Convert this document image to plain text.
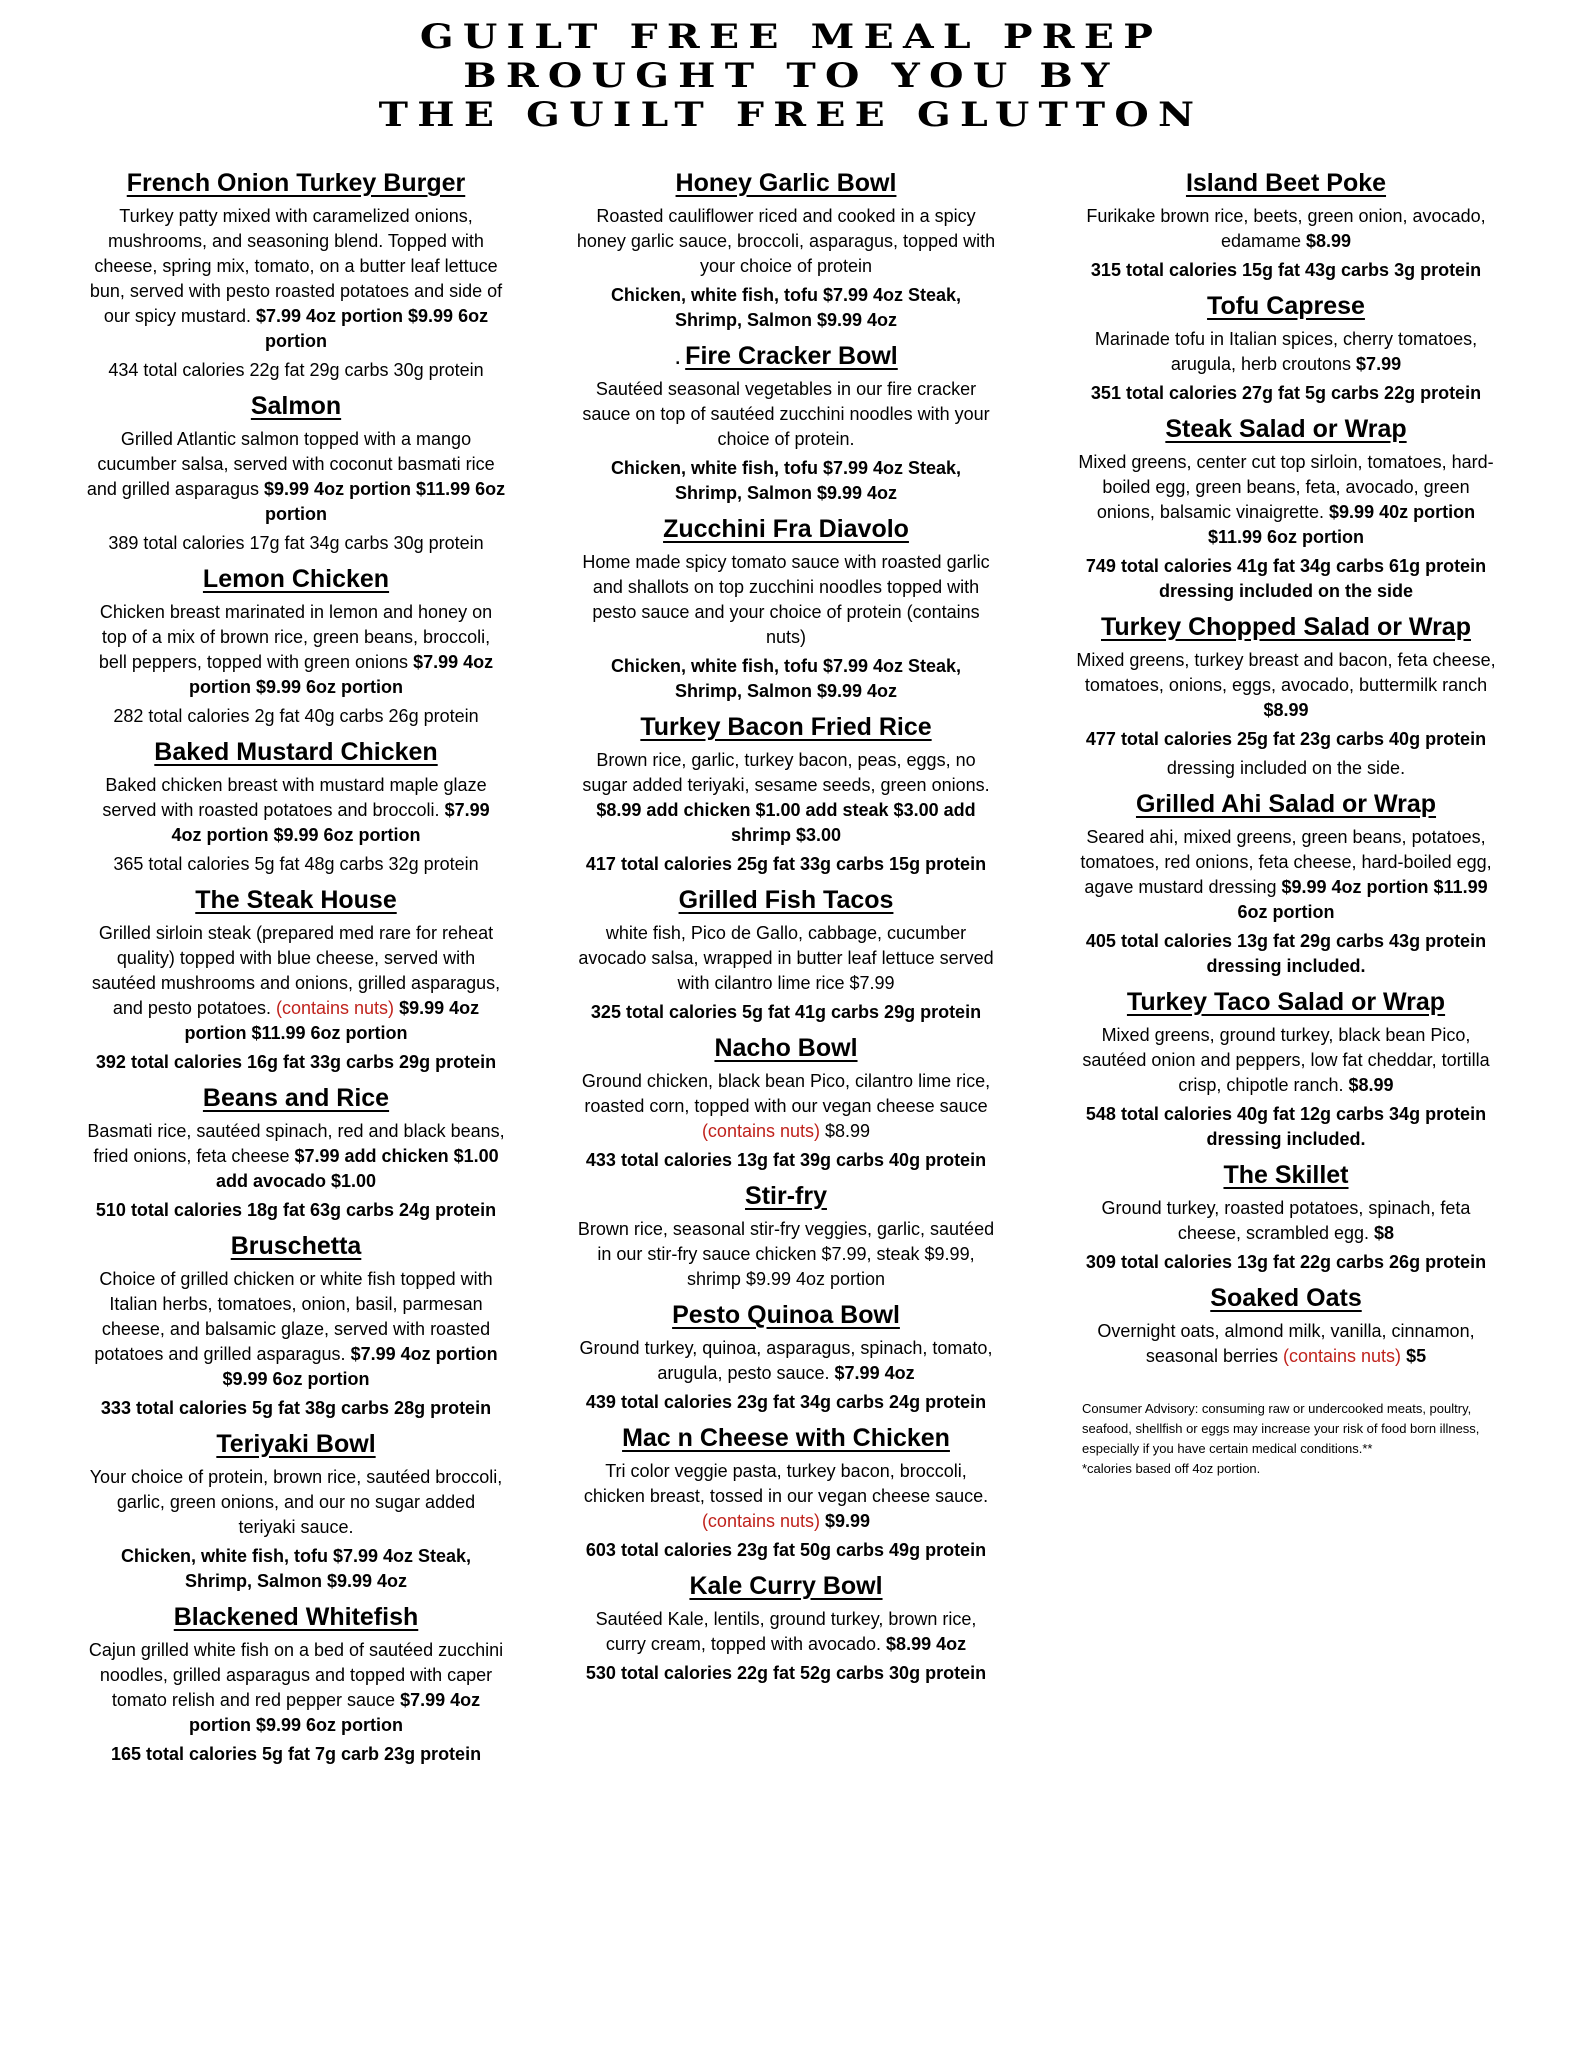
GUILT FREE MEAL PREP
BROUGHT TO YOU BY
THE GUILT FREE GLUTTON
French Onion Turkey Burger
Turkey patty mixed with caramelized onions, mushrooms, and seasoning blend. Topped with cheese, spring mix, tomato, on a butter leaf lettuce bun, served with pesto roasted potatoes and side of our spicy mustard. $7.99 4oz portion $9.99 6oz portion
434 total calories 22g fat 29g carbs 30g protein
Salmon
Grilled Atlantic salmon topped with a mango cucumber salsa, served with coconut basmati rice and grilled asparagus $9.99 4oz portion $11.99 6oz portion
389 total calories 17g fat 34g carbs 30g protein
Lemon Chicken
Chicken breast marinated in lemon and honey on top of a mix of brown rice, green beans, broccoli, bell peppers, topped with green onions $7.99 4oz portion $9.99 6oz portion
282 total calories 2g fat 40g carbs 26g protein
Baked Mustard Chicken
Baked chicken breast with mustard maple glaze served with roasted potatoes and broccoli. $7.99 4oz portion $9.99 6oz portion
365 total calories 5g fat 48g carbs 32g protein
The Steak House
Grilled sirloin steak (prepared med rare for reheat quality) topped with blue cheese, served with sautéed mushrooms and onions, grilled asparagus, and pesto potatoes. (contains nuts) $9.99 4oz portion $11.99 6oz portion
392 total calories 16g fat 33g carbs 29g protein
Beans and Rice
Basmati rice, sautéed spinach, red and black beans, fried onions, feta cheese $7.99 add chicken $1.00 add avocado $1.00
510 total calories 18g fat 63g carbs 24g protein
Bruschetta
Choice of grilled chicken or white fish topped with Italian herbs, tomatoes, onion, basil, parmesan cheese, and balsamic glaze, served with roasted potatoes and grilled asparagus. $7.99 4oz portion $9.99 6oz portion
333 total calories 5g fat 38g carbs 28g protein
Teriyaki Bowl
Your choice of protein, brown rice, sautéed broccoli, garlic, green onions, and our no sugar added teriyaki sauce.
Chicken, white fish, tofu $7.99 4oz Steak, Shrimp, Salmon $9.99 4oz
Blackened Whitefish
Cajun grilled white fish on a bed of sautéed zucchini noodles, grilled asparagus and topped with caper tomato relish and red pepper sauce $7.99 4oz portion $9.99 6oz portion
165 total calories 5g fat 7g carb 23g protein
Honey Garlic Bowl
Roasted cauliflower riced and cooked in a spicy honey garlic sauce, broccoli, asparagus, topped with your choice of protein
Chicken, white fish, tofu $7.99 4oz Steak, Shrimp, Salmon $9.99 4oz
. Fire Cracker Bowl
Sautéed seasonal vegetables in our fire cracker sauce on top of sautéed zucchini noodles with your choice of protein.
Chicken, white fish, tofu $7.99 4oz Steak, Shrimp, Salmon $9.99 4oz
Zucchini Fra Diavolo
Home made spicy tomato sauce with roasted garlic and shallots on top zucchini noodles topped with pesto sauce and your choice of protein (contains nuts)
Chicken, white fish, tofu $7.99 4oz Steak, Shrimp, Salmon $9.99 4oz
Turkey Bacon Fried Rice
Brown rice, garlic, turkey bacon, peas, eggs, no sugar added teriyaki, sesame seeds, green onions. $8.99 add chicken $1.00 add steak $3.00 add shrimp $3.00
417 total calories 25g fat 33g carbs 15g protein
Grilled Fish Tacos
white fish, Pico de Gallo, cabbage, cucumber avocado salsa, wrapped in butter leaf lettuce served with cilantro lime rice $7.99
325 total calories 5g fat 41g carbs 29g protein
Nacho Bowl
Ground chicken, black bean Pico, cilantro lime rice, roasted corn, topped with our vegan cheese sauce (contains nuts) $8.99
433 total calories 13g fat 39g carbs 40g protein
Stir-fry
Brown rice, seasonal stir-fry veggies, garlic, sautéed in our stir-fry sauce chicken $7.99, steak $9.99, shrimp $9.99 4oz portion
Pesto Quinoa Bowl
Ground turkey, quinoa, asparagus, spinach, tomato, arugula, pesto sauce. $7.99 4oz
439 total calories 23g fat 34g carbs 24g protein
Mac n Cheese with Chicken
Tri color veggie pasta, turkey bacon, broccoli, chicken breast, tossed in our vegan cheese sauce. (contains nuts) $9.99
603 total calories 23g fat 50g carbs 49g protein
Kale Curry Bowl
Sautéed Kale, lentils, ground turkey, brown rice, curry cream, topped with avocado. $8.99 4oz
530 total calories 22g fat 52g carbs 30g protein
Island Beet Poke
Furikake brown rice, beets, green onion, avocado, edamame $8.99
315 total calories 15g fat 43g carbs 3g protein
Tofu Caprese
Marinade tofu in Italian spices, cherry tomatoes, arugula, herb croutons $7.99
351 total calories 27g fat 5g carbs 22g protein
Steak Salad or Wrap
Mixed greens, center cut top sirloin, tomatoes, hard-boiled egg, green beans, feta, avocado, green onions, balsamic vinaigrette. $9.99 40z portion $11.99 6oz portion
749 total calories 41g fat 34g carbs 61g protein dressing included on the side
Turkey Chopped Salad or Wrap
Mixed greens, turkey breast and bacon, feta cheese, tomatoes, onions, eggs, avocado, buttermilk ranch $8.99
477 total calories 25g fat 23g carbs 40g protein
dressing included on the side.
Grilled Ahi Salad or Wrap
Seared ahi, mixed greens, green beans, potatoes, tomatoes, red onions, feta cheese, hard-boiled egg, agave mustard dressing $9.99 4oz portion $11.99 6oz portion
405 total calories 13g fat 29g carbs 43g protein dressing included.
Turkey Taco Salad or Wrap
Mixed greens, ground turkey, black bean Pico, sautéed onion and peppers, low fat cheddar, tortilla crisp, chipotle ranch. $8.99
548 total calories 40g fat 12g carbs 34g protein dressing included.
The Skillet
Ground turkey, roasted potatoes, spinach, feta cheese, scrambled egg. $8
309 total calories 13g fat 22g carbs 26g protein
Soaked Oats
Overnight oats, almond milk, vanilla, cinnamon, seasonal berries (contains nuts) $5
Consumer Advisory: consuming raw or undercooked meats, poultry, seafood, shellfish or eggs may increase your risk of food born illness, especially if you have certain medical conditions.**
*calories based off 4oz portion.
